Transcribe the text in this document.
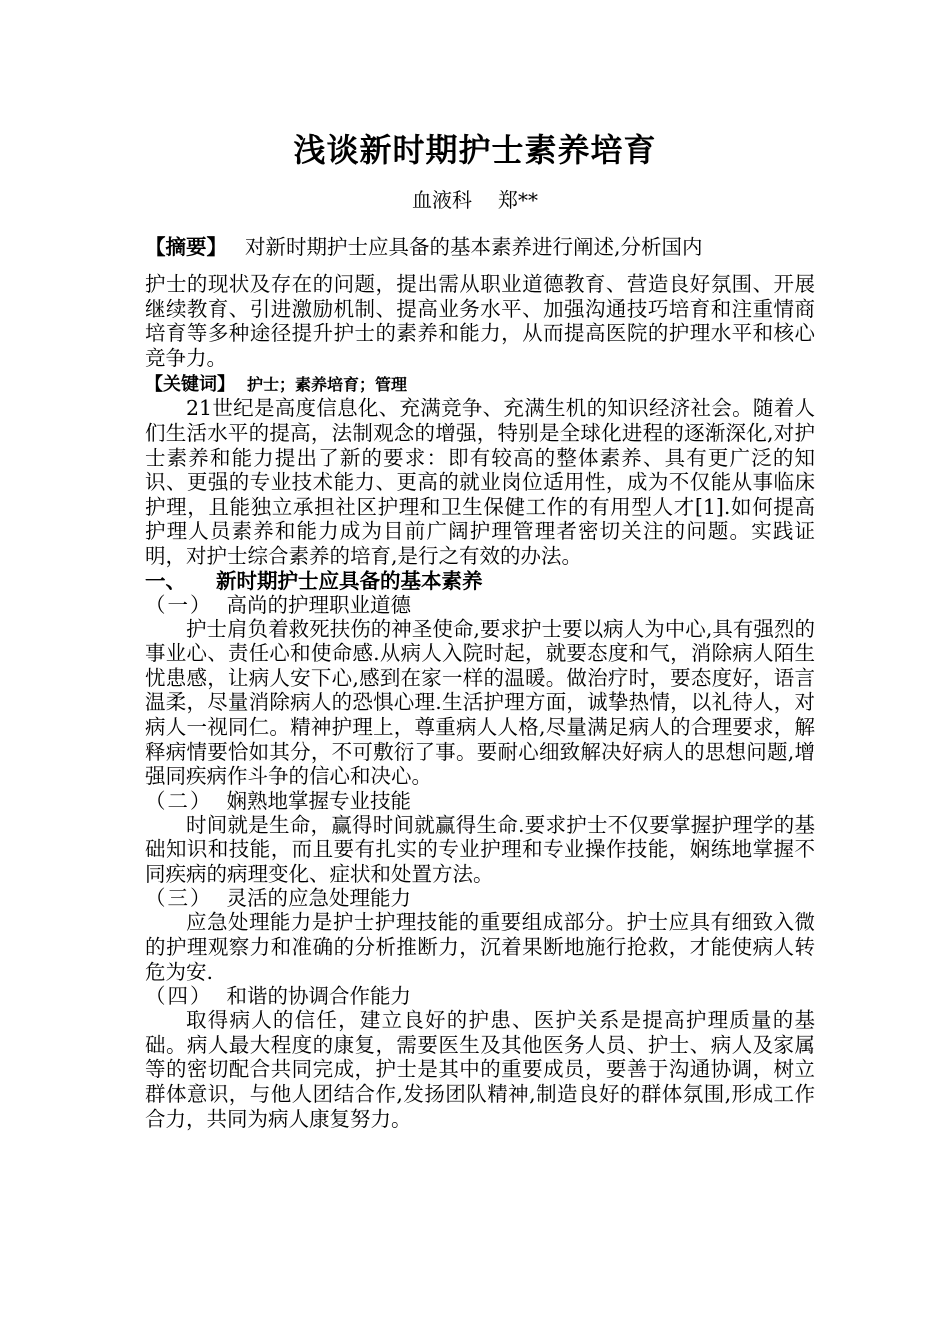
浅谈新时期护士素养培育
血液科 郑**
【摘要】 对新时期护士应具备的基本素养进行阐述,分析国内
护士的现状及存在的问题，提出需从职业道德教育、营造良好氛围、开展继续教育、引进激励机制、提高业务水平、加强沟通技巧培育和注重情商培育等多种途径提升护士的素养和能力，从而提高医院的护理水平和核心竞争力。

【关键词】 护士；素养培育；管理

21世纪是高度信息化、充满竞争、充满生机的知识经济社会。随着人们生活水平的提高，法制观念的增强，特别是全球化进程的逐渐深化,对护士素养和能力提出了新的要求：即有较高的整体素养、具有更广泛的知识、更强的专业技术能力、更高的就业岗位适用性，成为不仅能从事临床护理，且能独立承担社区护理和卫生保健工作的有用型人才[1].如何提高护理人员素养和能力成为目前广阔护理管理者密切关注的问题。实践证明，对护士综合素养的培育,是行之有效的办法。

一、 新时期护士应具备的基本素养

（一） 高尚的护理职业道德

护士肩负着救死扶伤的神圣使命,要求护士要以病人为中心,具有强烈的事业心、责任心和使命感.从病人入院时起，就要态度和气，消除病人陌生忧患感，让病人安下心,感到在家一样的温暖。做治疗时，要态度好，语言温柔，尽量消除病人的恐惧心理.生活护理方面，诚挚热情，以礼待人，对病人一视同仁。精神护理上，尊重病人人格,尽量满足病人的合理要求，解释病情要恰如其分，不可敷衍了事。要耐心细致解决好病人的思想问题,增强同疾病作斗争的信心和决心。

（二） 娴熟地掌握专业技能

时间就是生命，赢得时间就赢得生命.要求护士不仅要掌握护理学的基础知识和技能，而且要有扎实的专业护理和专业操作技能，娴练地掌握不同疾病的病理变化、症状和处置方法。

（三） 灵活的应急处理能力

应急处理能力是护士护理技能的重要组成部分。护士应具有细致入微的护理观察力和准确的分析推断力，沉着果断地施行抢救，才能使病人转危为安.

（四） 和谐的协调合作能力

取得病人的信任，建立良好的护患、医护关系是提高护理质量的基础。病人最大程度的康复，需要医生及其他医务人员、护士、病人及家属等的密切配合共同完成，护士是其中的重要成员，要善于沟通协调，树立群体意识，与他人团结合作,发扬团队精神,制造良好的群体氛围,形成工作合力，共同为病人康复努力。
